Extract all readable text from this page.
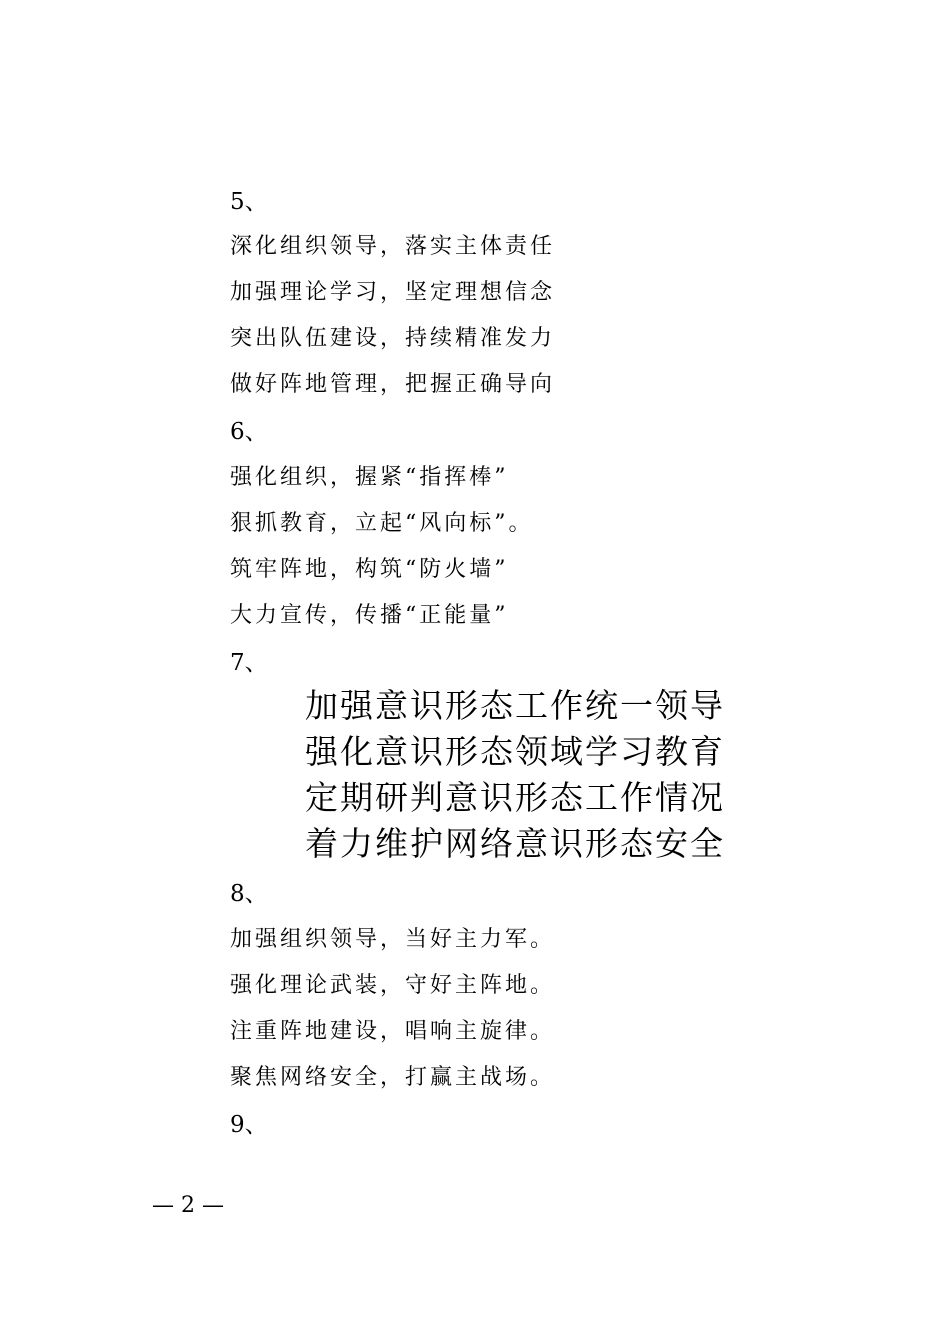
5、
深化组织领导，落实主体责任
加强理论学习，坚定理想信念
突出队伍建设，持续精准发力
做好阵地管理，把握正确导向
6、
强化组织，握紧“指挥棒”
狠抓教育，立起“风向标”。
筑牢阵地，构筑“防火墙”
大力宣传，传播“正能量”
7、
加强意识形态工作统一领导
强化意识形态领域学习教育
定期研判意识形态工作情况
着力维护网络意识形态安全
8、
加强组织领导，当好主力军。
强化理论武装，守好主阵地。
注重阵地建设，唱响主旋律。
聚焦网络安全，打赢主战场。
9、
— 2 —
